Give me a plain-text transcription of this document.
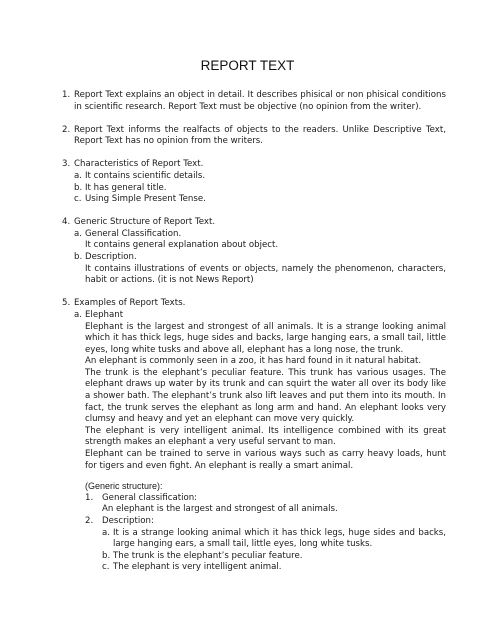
REPORT TEXT
1. Report Text explains an object in detail. It describes phisical or non phisical conditions in scientific research. Report Text must be objective (no opinion from the writer).
2. Report Text informs the realfacts of objects to the readers. Unlike Descriptive Text, Report Text has no opinion from the writers.
3. Characteristics of Report Text.
a. It contains scientific details.
b. It has general title.
c. Using Simple Present Tense.
4. Generic Structure of Report Text.
a. General Classification.
It contains general explanation about object.
b. Description.
It contains illustrations of events or objects, namely the phenomenon, characters, habit or actions. (it is not News Report)
5. Examples of Report Texts.
a. Elephant
Elephant is the largest and strongest of all animals. It is a strange looking animal which it has thick legs, huge sides and backs, large hanging ears, a small tail, little eyes, long white tusks and above all, elephant has a long nose, the trunk.
An elephant is commonly seen in a zoo, it has hard found in it natural habitat.
The trunk is the elephant’s peculiar feature. This trunk has various usages. The elephant draws up water by its trunk and can squirt the water all over its body like a shower bath. The elephant’s trunk also lift leaves and put them into its mouth. In fact, the trunk serves the elephant as long arm and hand. An elephant looks very clumsy and heavy and yet an elephant can move very quickly.
The elephant is very intelligent animal. Its intelligence combined with its great strength makes an elephant a very useful servant to man.
Elephant can be trained to serve in various ways such as carry heavy loads, hunt for tigers and even fight. An elephant is really a smart animal.
(Generic structure):
1.	General classification:
An elephant is the largest and strongest of all animals.
2.	Description:
a. It is a strange looking animal which it has thick legs, huge sides and backs, large hanging ears, a small tail, little eyes, long white tusks.
b. The trunk is the elephant’s peculiar feature.
c. The elephant is very intelligent animal.
